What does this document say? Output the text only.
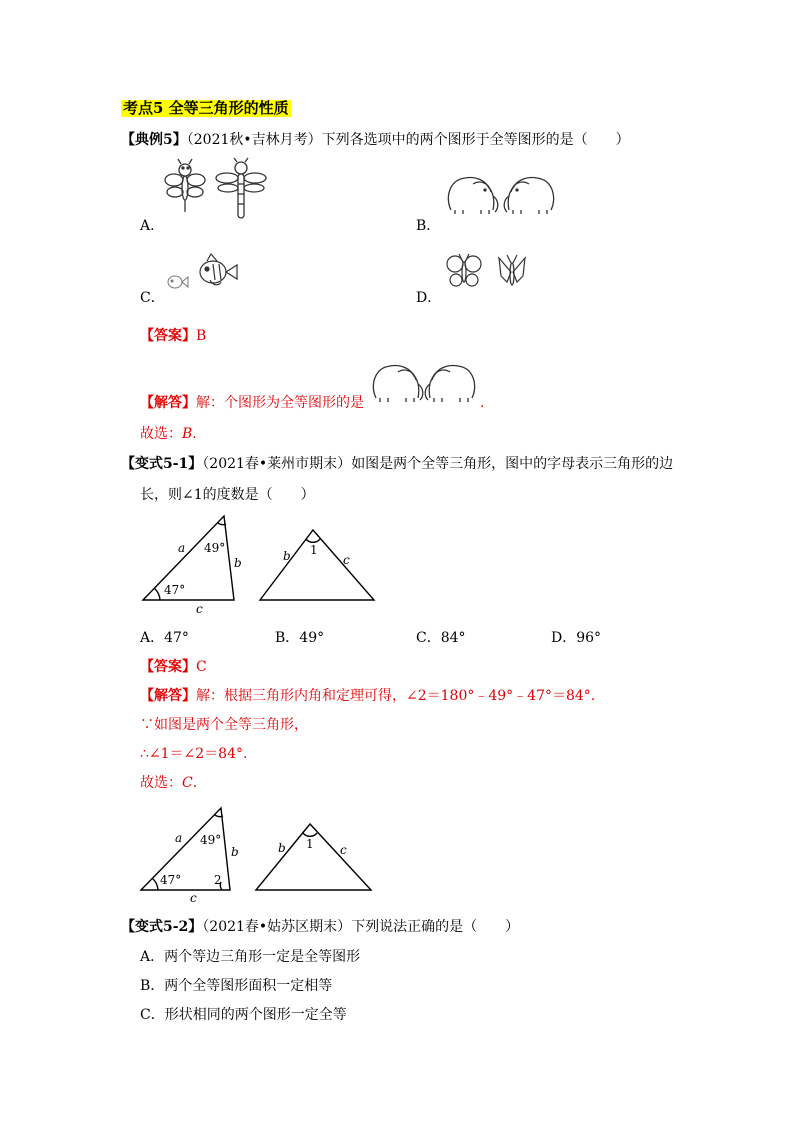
考点5 全等三角形的性质
【典例5】（2021秋•吉林月考）下列各选项中的两个图形于全等图形的是（　　）
A．	B．
C．	D．
【答案】B
【解答】解：个图形为全等图形的是	.
故选：B.
【变式5-1】（2021春•莱州市期末）如图是两个全等三角形，图中的字母表示三角形的边
长，则∠1的度数是（　　）
a 49°
b
47°
c
b 1
c
A．47°	B．49°	C．84°	D．96°
【答案】C
【解答】解：根据三角形内角和定理可得，∠2＝180°﹣49°﹣47°＝84°.
∵如图是两个全等三角形，
∴∠1＝∠2＝84°.
故选：C.
a 49°
b
47°	2
c
b 1 c
【变式5-2】（2021春•姑苏区期末）下列说法正确的是（　　）
A．两个等边三角形一定是全等图形
B．两个全等图形面积一定相等
C．形状相同的两个图形一定全等
